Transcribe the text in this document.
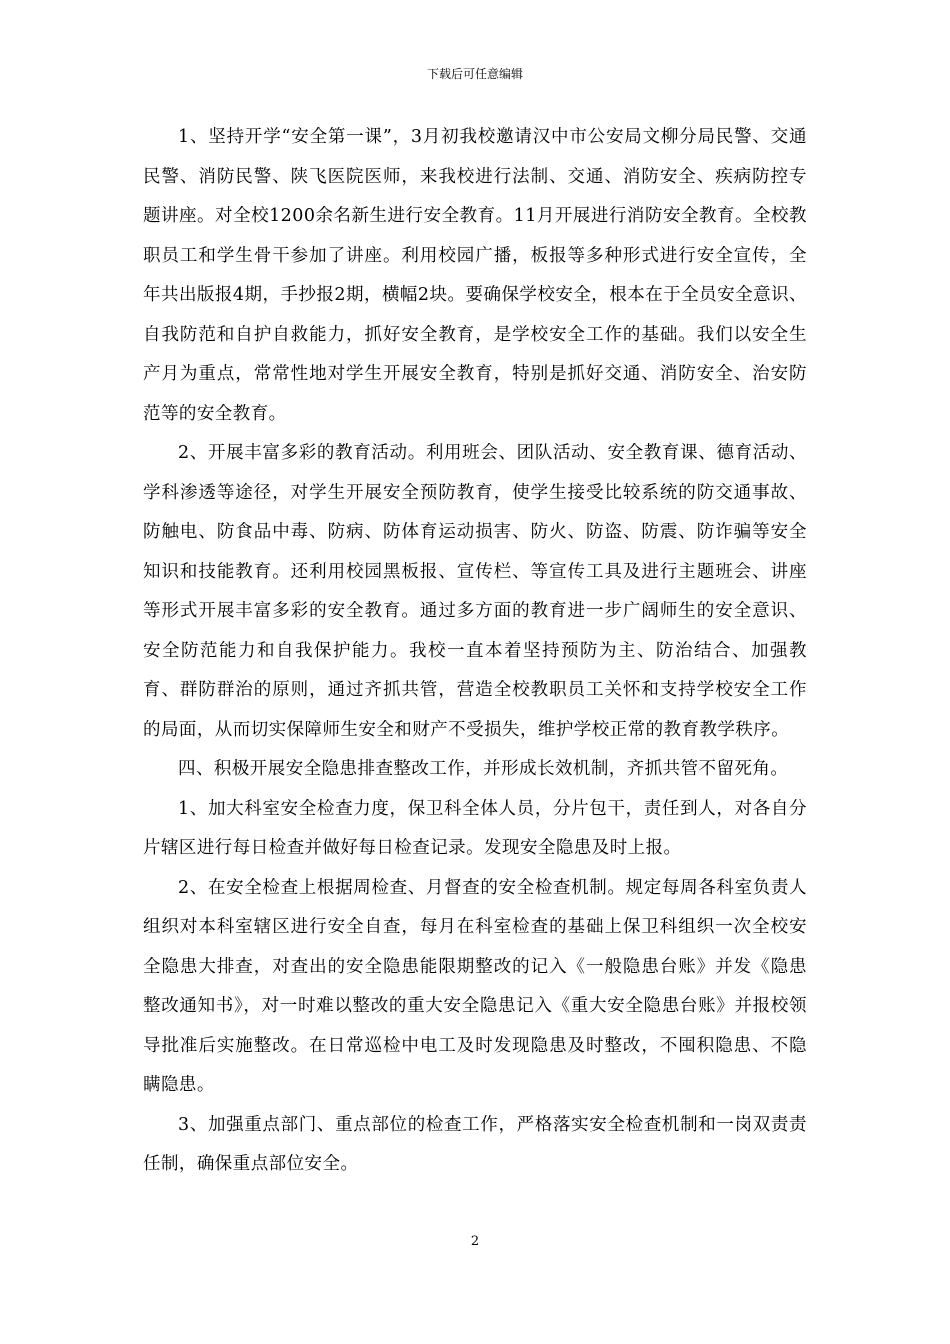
下载后可任意编辑

1、坚持开学“安全第一课”，3月初我校邀请汉中市公安局文柳分局民警、交通民警、消防民警、陕飞医院医师，来我校进行法制、交通、消防安全、疾病防控专题讲座。对全校1200余名新生进行安全教育。11月开展进行消防安全教育。全校教职员工和学生骨干参加了讲座。利用校园广播，板报等多种形式进行安全宣传，全年共出版报4期，手抄报2期，横幅2块。要确保学校安全，根本在于全员安全意识、自我防范和自护自救能力，抓好安全教育，是学校安全工作的基础。我们以安全生产月为重点，常常性地对学生开展安全教育，特别是抓好交通、消防安全、治安防范等的安全教育。

2、开展丰富多彩的教育活动。利用班会、团队活动、安全教育课、德育活动、学科渗透等途径，对学生开展安全预防教育，使学生接受比较系统的防交通事故、防触电、防食品中毒、防病、防体育运动损害、防火、防盗、防震、防诈骗等安全知识和技能教育。还利用校园黑板报、宣传栏、等宣传工具及进行主题班会、讲座等形式开展丰富多彩的安全教育。通过多方面的教育进一步广阔师生的安全意识、安全防范能力和自我保护能力。我校一直本着坚持预防为主、防治结合、加强教育、群防群治的原则，通过齐抓共管，营造全校教职员工关怀和支持学校安全工作的局面，从而切实保障师生安全和财产不受损失，维护学校正常的教育教学秩序。

四、积极开展安全隐患排查整改工作，并形成长效机制，齐抓共管不留死角。

1、加大科室安全检查力度，保卫科全体人员，分片包干，责任到人，对各自分片辖区进行每日检查并做好每日检查记录。发现安全隐患及时上报。

2、在安全检查上根据周检查、月督查的安全检查机制。规定每周各科室负责人组织对本科室辖区进行安全自查，每月在科室检查的基础上保卫科组织一次全校安全隐患大排查，对查出的安全隐患能限期整改的记入《一般隐患台账》并发《隐患整改通知书》，对一时难以整改的重大安全隐患记入《重大安全隐患台账》并报校领导批准后实施整改。在日常巡检中电工及时发现隐患及时整改，不囤积隐患、不隐瞒隐患。

3、加强重点部门、重点部位的检查工作，严格落实安全检查机制和一岗双责责任制，确保重点部位安全。

2
